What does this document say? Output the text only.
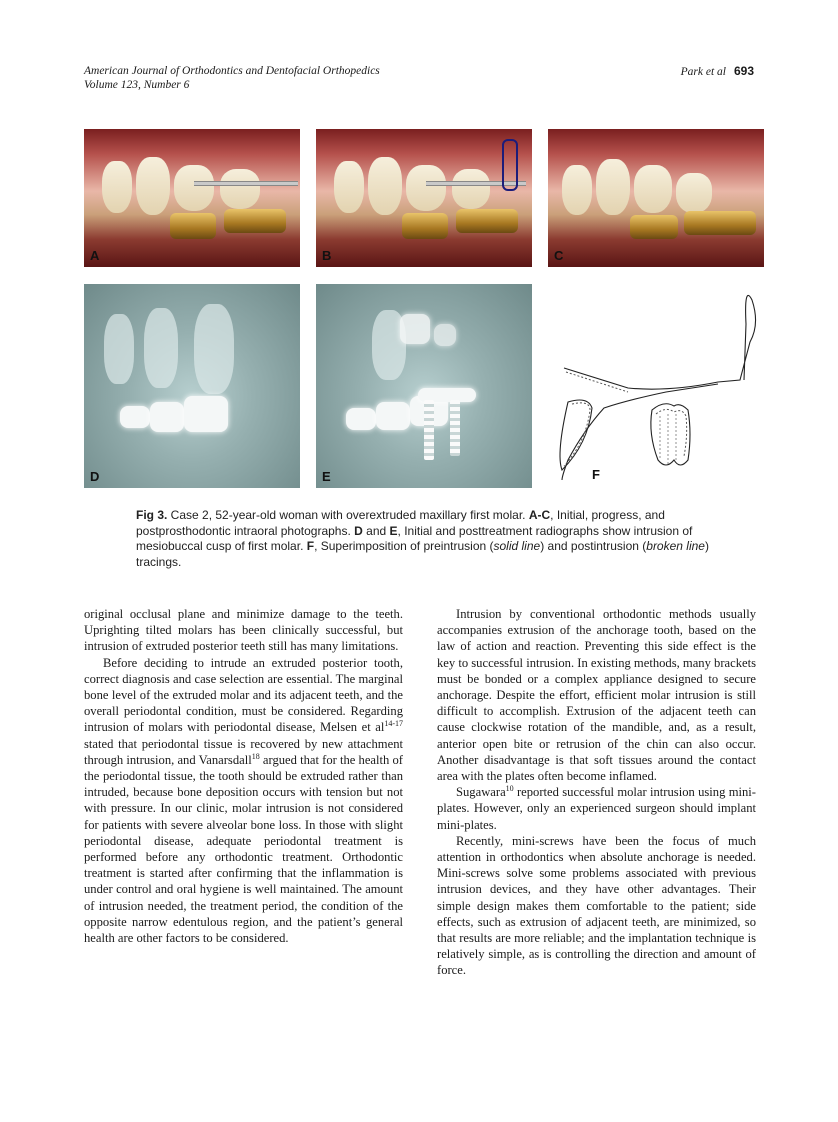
American Journal of Orthodontics and Dentofacial Orthopedics
Volume 123, Number 6
Park et al 693
A	B	C
D	E	F
Fig 3. Case 2, 52-year-old woman with overextruded maxillary first molar. A-C, Initial, progress, and postprosthodontic intraoral photographs. D and E, Initial and posttreatment radiographs show intrusion of mesiobuccal cusp of first molar. F, Superimposition of preintrusion (solid line) and postintrusion (broken line) tracings.

original occlusal plane and minimize damage to the teeth. Uprighting tilted molars has been clinically successful, but intrusion of extruded posterior teeth still has many limitations.

Before deciding to intrude an extruded posterior tooth, correct diagnosis and case selection are essential. The marginal bone level of the extruded molar and its adjacent teeth, and the overall periodontal condition, must be considered. Regarding intrusion of molars with periodontal disease, Melsen et $al^{14-17}$ stated that periodontal tissue is recovered by new attachment through intrusion, and Vanarsdall$^{18}$ argued that for the health of the periodontal tissue, the tooth should be extruded rather than intruded, because bone deposition occurs with tension but not with pressure. In our clinic, molar intrusion is not considered for patients with severe alveolar bone loss. In those with slight periodontal disease, adequate periodontal treatment is performed before any orthodontic treatment. Orthodontic treatment is started after confirming that the inflammation is under control and oral hygiene is well maintained. The amount of intrusion needed, the treatment period, the condition of the opposite narrow edentulous region, and the patient’s general health are other factors to be considered.

Intrusion by conventional orthodontic methods usually accompanies extrusion of the anchorage tooth, based on the law of action and reaction. Preventing this side effect is the key to successful intrusion. In existing methods, many brackets must be bonded or a complex appliance designed to secure anchorage. Despite the effort, efficient molar intrusion is still difficult to accomplish. Extrusion of the adjacent teeth can cause clockwise rotation of the mandible, and, as a result, anterior open bite or retrusion of the chin can also occur. Another disadvantage is that soft tissues around the contact area with the plates often become inflamed.

Sugawara$^{10}$ reported successful molar intrusion using mini-plates. However, only an experienced surgeon should implant mini-plates.

Recently, mini-screws have been the focus of much attention in orthodontics when absolute anchorage is needed. Mini-screws solve some problems associated with previous intrusion devices, and they have other advantages. Their simple design makes them comfortable to the patient; side effects, such as extrusion of adjacent teeth, are minimized, so that results are more reliable; and the implantation technique is relatively simple, as is controlling the direction and amount of force.
